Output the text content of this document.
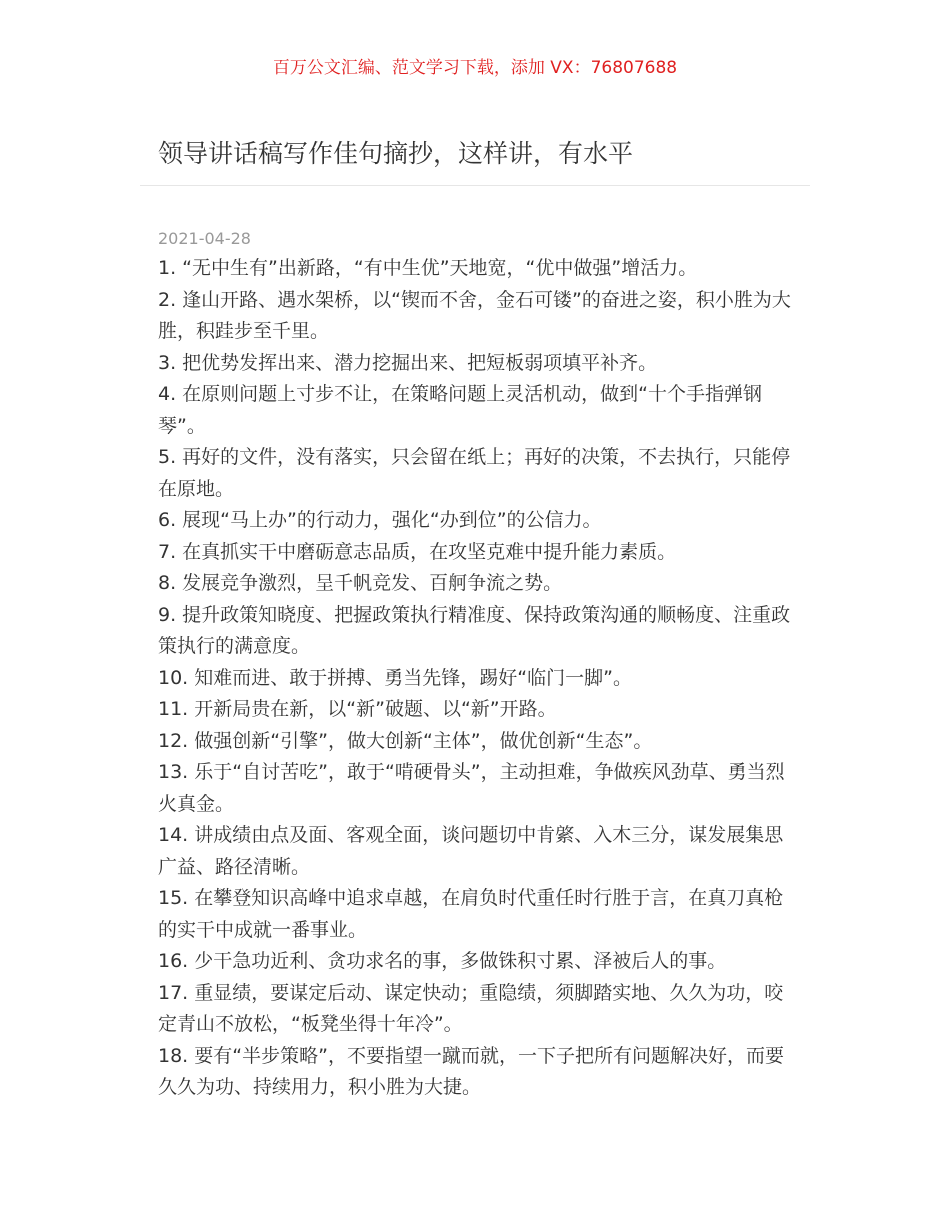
百万公文汇编、范文学习下载，添加 VX：76807688
领导讲话稿写作佳句摘抄，这样讲，有水平
2021-04-28
1. “无中生有”出新路，“有中生优”天地宽，“优中做强”增活力。
2. 逢山开路、遇水架桥，以“锲而不舍，金石可镂”的奋进之姿，积小胜为大胜，积跬步至千里。
3. 把优势发挥出来、潜力挖掘出来、把短板弱项填平补齐。
4. 在原则问题上寸步不让，在策略问题上灵活机动，做到“十个手指弹钢琴”。
5. 再好的文件，没有落实，只会留在纸上；再好的决策，不去执行，只能停在原地。
6. 展现“马上办”的行动力，强化“办到位”的公信力。
7. 在真抓实干中磨砺意志品质，在攻坚克难中提升能力素质。
8. 发展竞争激烈，呈千帆竞发、百舸争流之势。
9. 提升政策知晓度、把握政策执行精准度、保持政策沟通的顺畅度、注重政策执行的满意度。
10. 知难而进、敢于拼搏、勇当先锋，踢好“临门一脚”。
11. 开新局贵在新，以“新”破题、以“新”开路。
12. 做强创新“引擎”，做大创新“主体”，做优创新“生态”。
13. 乐于“自讨苦吃”，敢于“啃硬骨头”，主动担难，争做疾风劲草、勇当烈火真金。
14. 讲成绩由点及面、客观全面，谈问题切中肯綮、入木三分，谋发展集思广益、路径清晰。
15. 在攀登知识高峰中追求卓越，在肩负时代重任时行胜于言，在真刀真枪的实干中成就一番事业。
16. 少干急功近利、贪功求名的事，多做铢积寸累、泽被后人的事。
17. 重显绩，要谋定后动、谋定快动；重隐绩，须脚踏实地、久久为功，咬定青山不放松，“板凳坐得十年冷”。
18. 要有“半步策略”，不要指望一蹴而就，一下子把所有问题解决好，而要久久为功、持续用力，积小胜为大捷。
